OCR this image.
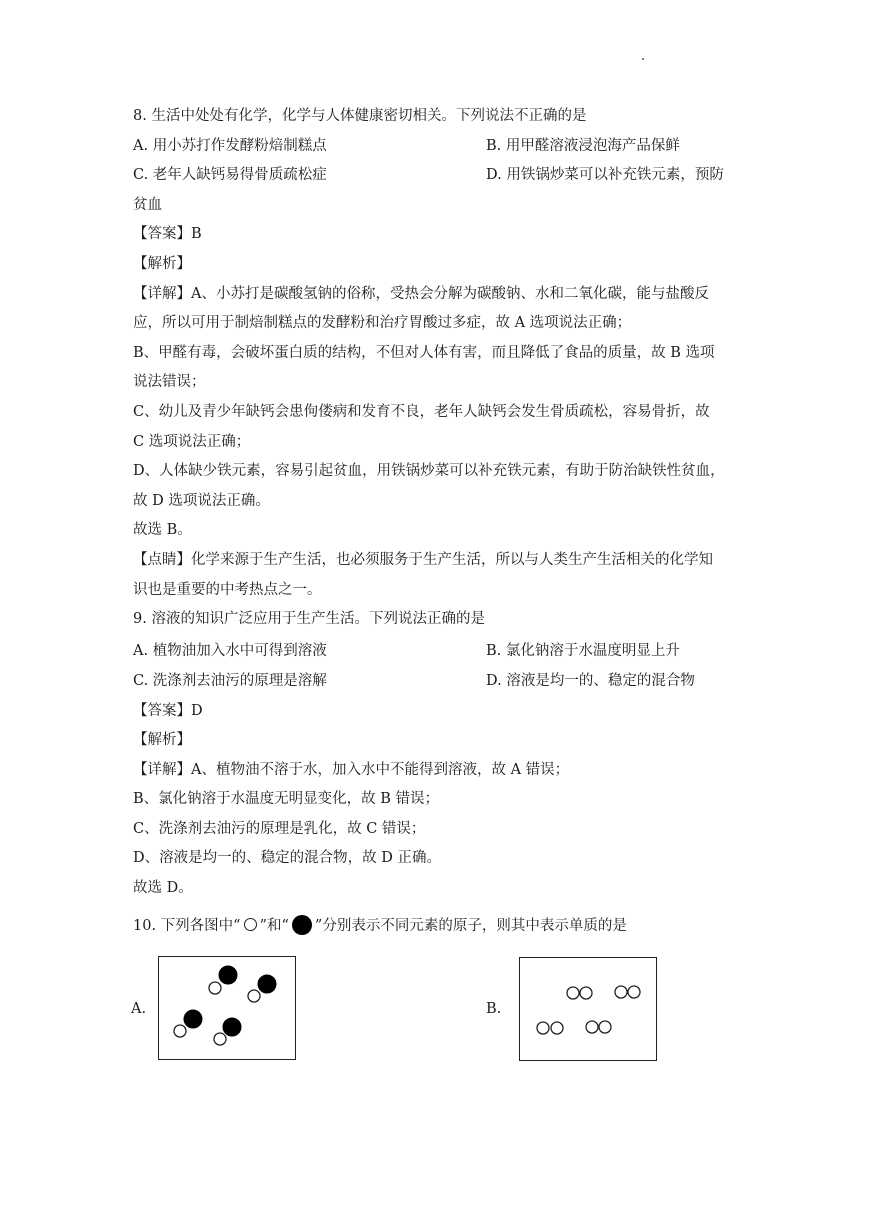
8. 生活中处处有化学，化学与人体健康密切相关。下列说法不正确的是
A. 用小苏打作发酵粉焙制糕点	B. 用甲醛溶液浸泡海产品保鲜
C. 老年人缺钙易得骨质疏松症	D. 用铁锅炒菜可以补充铁元素，预防
贫血
【答案】B
【解析】
【详解】A、小苏打是碳酸氢钠的俗称，受热会分解为碳酸钠、水和二氧化碳，能与盐酸反
应，所以可用于制焙制糕点的发酵粉和治疗胃酸过多症，故 A 选项说法正确；
B、甲醛有毒，会破坏蛋白质的结构，不但对人体有害，而且降低了食品的质量，故 B 选项
说法错误；
C、幼儿及青少年缺钙会患佝偻病和发育不良，老年人缺钙会发生骨质疏松，容易骨折，故
C 选项说法正确；
D、人体缺少铁元素，容易引起贫血，用铁锅炒菜可以补充铁元素，有助于防治缺铁性贫血，
故 D 选项说法正确。
故选 B。
【点睛】化学来源于生产生活，也必须服务于生产生活，所以与人类生产生活相关的化学知
识也是重要的中考热点之一。
9. 溶液的知识广泛应用于生产生活。下列说法正确的是
A. 植物油加入水中可得到溶液	B. 氯化钠溶于水温度明显上升
C. 洗涤剂去油污的原理是溶解	D. 溶液是均一的、稳定的混合物
【答案】D
【解析】
【详解】A、植物油不溶于水，加入水中不能得到溶液，故 A 错误；
B、氯化钠溶于水温度无明显变化，故 B 错误；
C、洗涤剂去油污的原理是乳化，故 C 错误；
D、溶液是均一的、稳定的混合物，故 D 正确。
故选 D。
10. 下列各图中“ ”和“ ”分别表示不同元素的原子，则其中表示单质的是
A.	B.
